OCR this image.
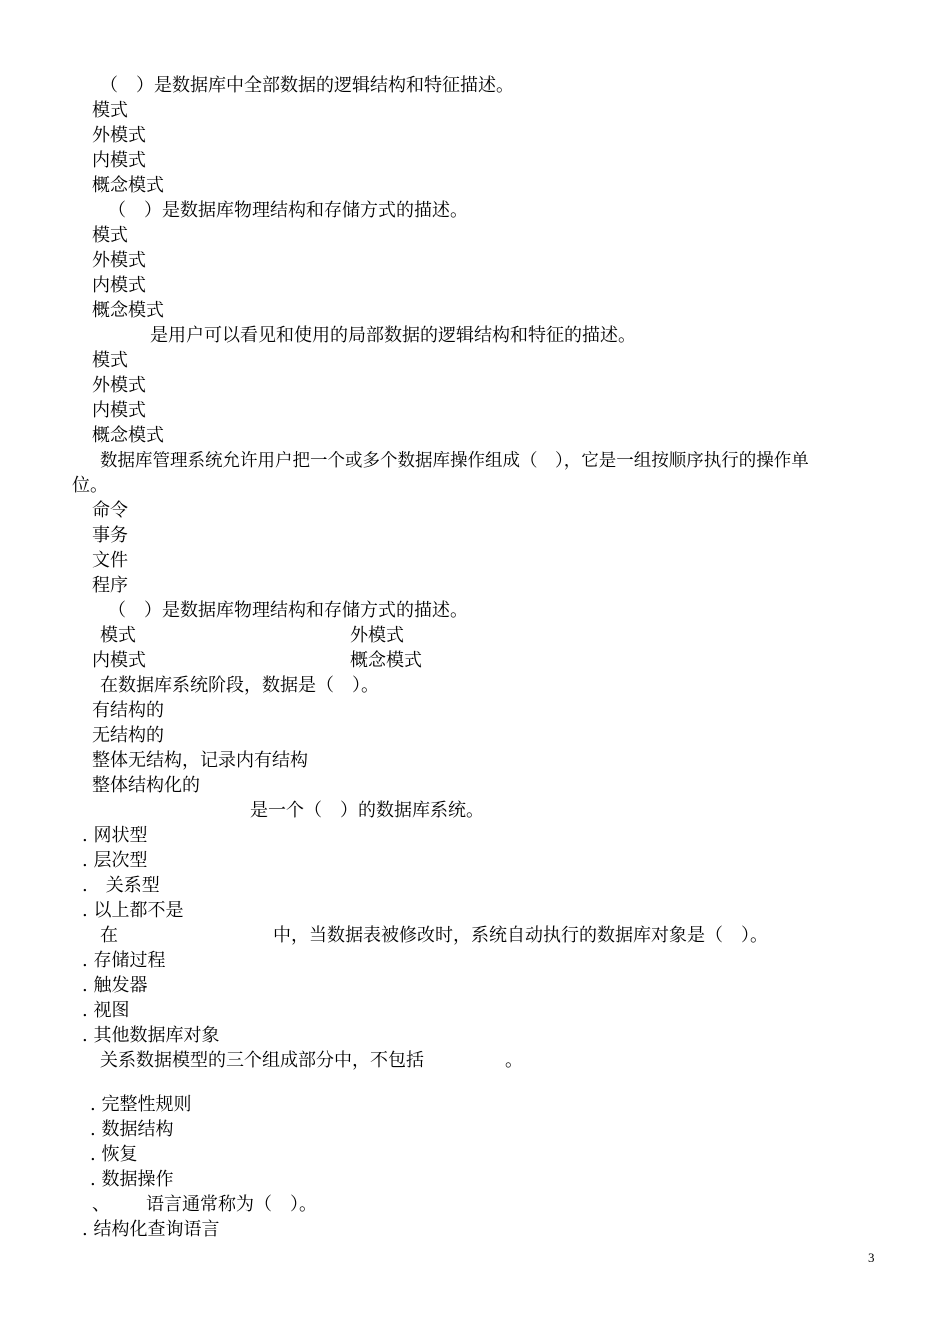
（　）是数据库中全部数据的逻辑结构和特征描述。
模式
外模式
内模式
概念模式
（　）是数据库物理结构和存储方式的描述。
模式
外模式
内模式
概念模式
是用户可以看见和使用的局部数据的逻辑结构和特征的描述。
模式
外模式
内模式
概念模式
数据库管理系统允许用户把一个或多个数据库操作组成（　），它是一组按顺序执行的操作单
位。
命令
事务
文件
程序
（　）是数据库物理结构和存储方式的描述。
模式	外模式
内模式	概念模式
在数据库系统阶段，数据是（　）。
有结构的
无结构的
整体无结构，记录内有结构
整体结构化的
是一个（　）的数据库系统。
. 网状型
. 层次型
.　关系型
. 以上都不是
在	中，当数据表被修改时，系统自动执行的数据库对象是（　）。
. 存储过程
. 触发器
. 视图
. 其他数据库对象
关系数据模型的三个组成部分中，不包括	。
. 完整性规则
. 数据结构
. 恢复
. 数据操作
、 语言通常称为（　）。
. 结构化查询语言
3
